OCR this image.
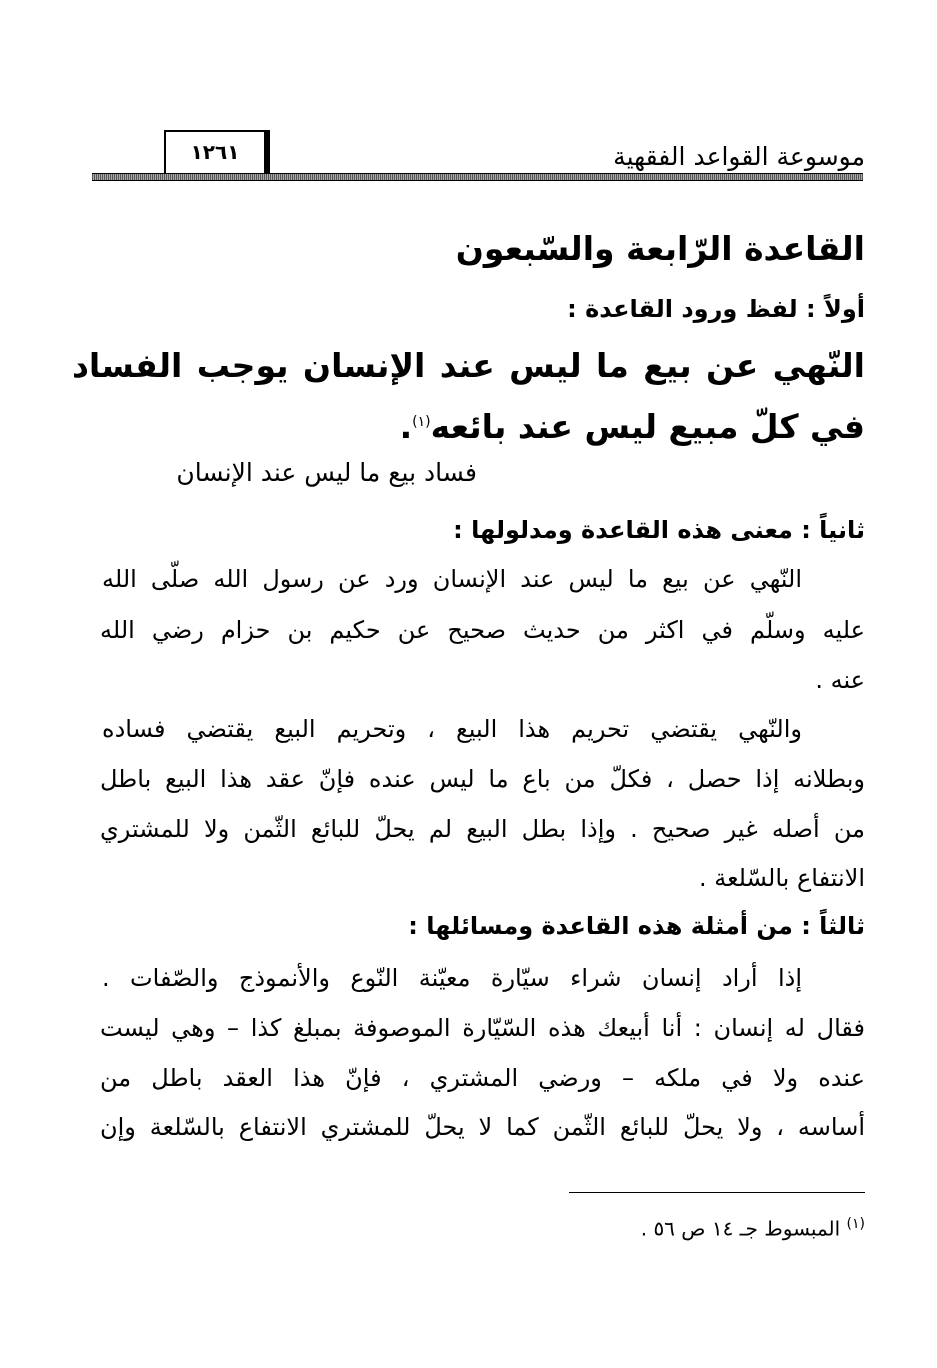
موسوعة القواعد الفقهية
١٢٦١
القاعدة الرّابعة والسّبعون
أولاً : لفظ ورود القاعدة :
النّهي عن بيع ما ليس عند الإنسان يوجب الفساد
في كلّ مبيع ليس عند بائعه$^{(١)}$.
فساد بيع ما ليس عند الإنسان
ثانياً : معنى هذه القاعدة ومدلولها :
النّهي عن بيع ما ليس عند الإنسان ورد عن رسول الله صلّى الله
عليه وسلّم في اكثر من حديث صحيح عن حكيم بن حزام رضي الله
عنه .
والنّهي يقتضي تحريم هذا البيع ، وتحريم البيع يقتضي فساده
وبطلانه إذا حصل ، فكلّ من باع ما ليس عنده فإنّ عقد هذا البيع باطل
من أصله غير صحيح . وإذا بطل البيع لم يحلّ للبائع الثّمن ولا للمشتري
الانتفاع بالسّلعة .
ثالثاً : من أمثلة هذه القاعدة ومسائلها :
إذا أراد إنسان شراء سيّارة معيّنة النّوع والأنموذج والصّفات .
فقال له إنسان : أنا أبيعك هذه السّيّارة الموصوفة بمبلغ كذا – وهي ليست
عنده ولا في ملكه – ورضي المشتري ، فإنّ هذا العقد باطل من
أساسه ، ولا يحلّ للبائع الثّمن كما لا يحلّ للمشتري الانتفاع بالسّلعة وإن
$^{(١)}$ المبسوط جـ ١٤ ص ٥٦ .
